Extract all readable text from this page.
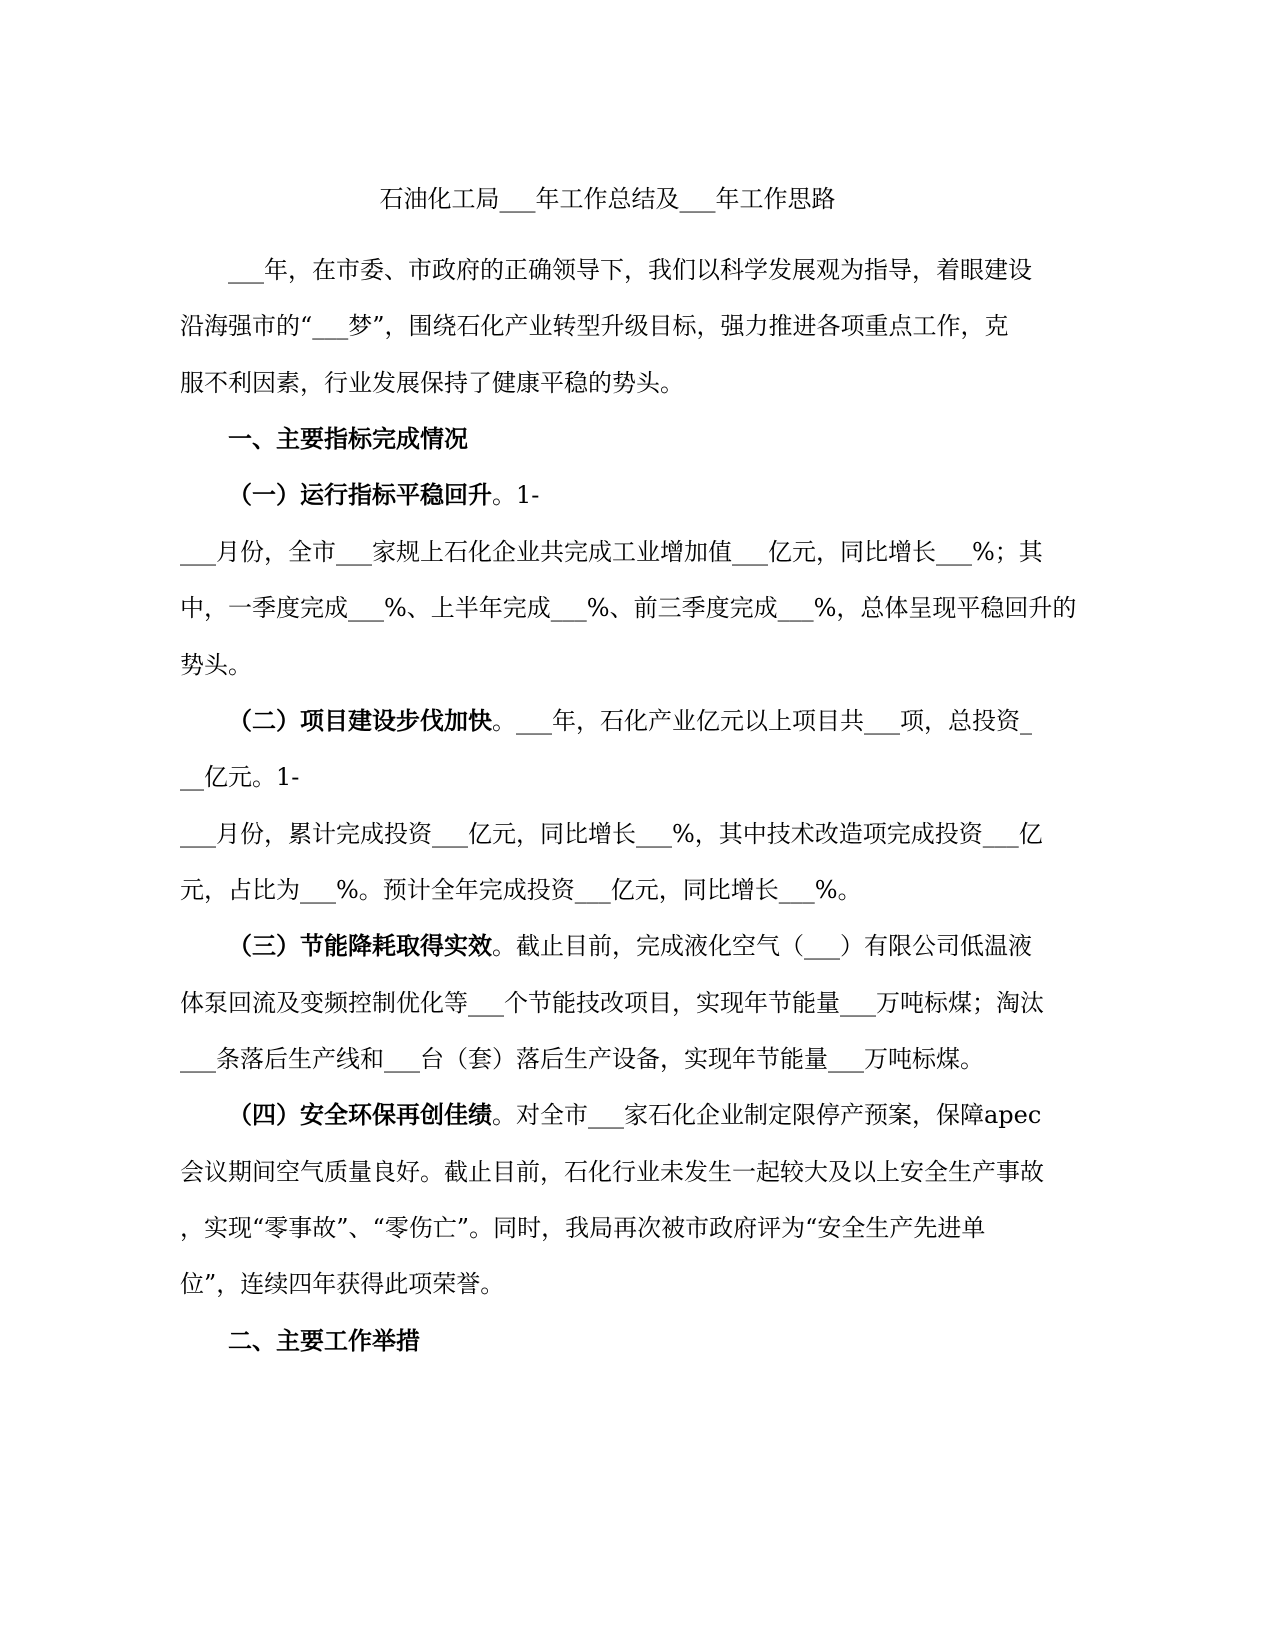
石油化工局___年工作总结及___年工作思路
___年，在市委、市政府的正确领导下，我们以科学发展观为指导，着眼建设
沿海强市的“___梦”，围绕石化产业转型升级目标，强力推进各项重点工作，克
服不利因素，行业发展保持了健康平稳的势头。
一、主要指标完成情况
（一）运行指标平稳回升。1-
___月份，全市___家规上石化企业共完成工业增加值___亿元，同比增长___%；其
中，一季度完成___%、上半年完成___%、前三季度完成___%，总体呈现平稳回升的
势头。
（二）项目建设步伐加快。___年，石化产业亿元以上项目共___项，总投资_
__亿元。1-
___月份，累计完成投资___亿元，同比增长___%，其中技术改造项完成投资___亿
元，占比为___%。预计全年完成投资___亿元，同比增长___%。
（三）节能降耗取得实效。截止目前，完成液化空气（___）有限公司低温液
体泵回流及变频控制优化等___个节能技改项目，实现年节能量___万吨标煤；淘汰
___条落后生产线和___台（套）落后生产设备，实现年节能量___万吨标煤。
（四）安全环保再创佳绩。对全市___家石化企业制定限停产预案，保障apec
会议期间空气质量良好。截止目前，石化行业未发生一起较大及以上安全生产事故
，实现“零事故”、“零伤亡”。同时，我局再次被市政府评为“安全生产先进单
位”，连续四年获得此项荣誉。
二、主要工作举措
